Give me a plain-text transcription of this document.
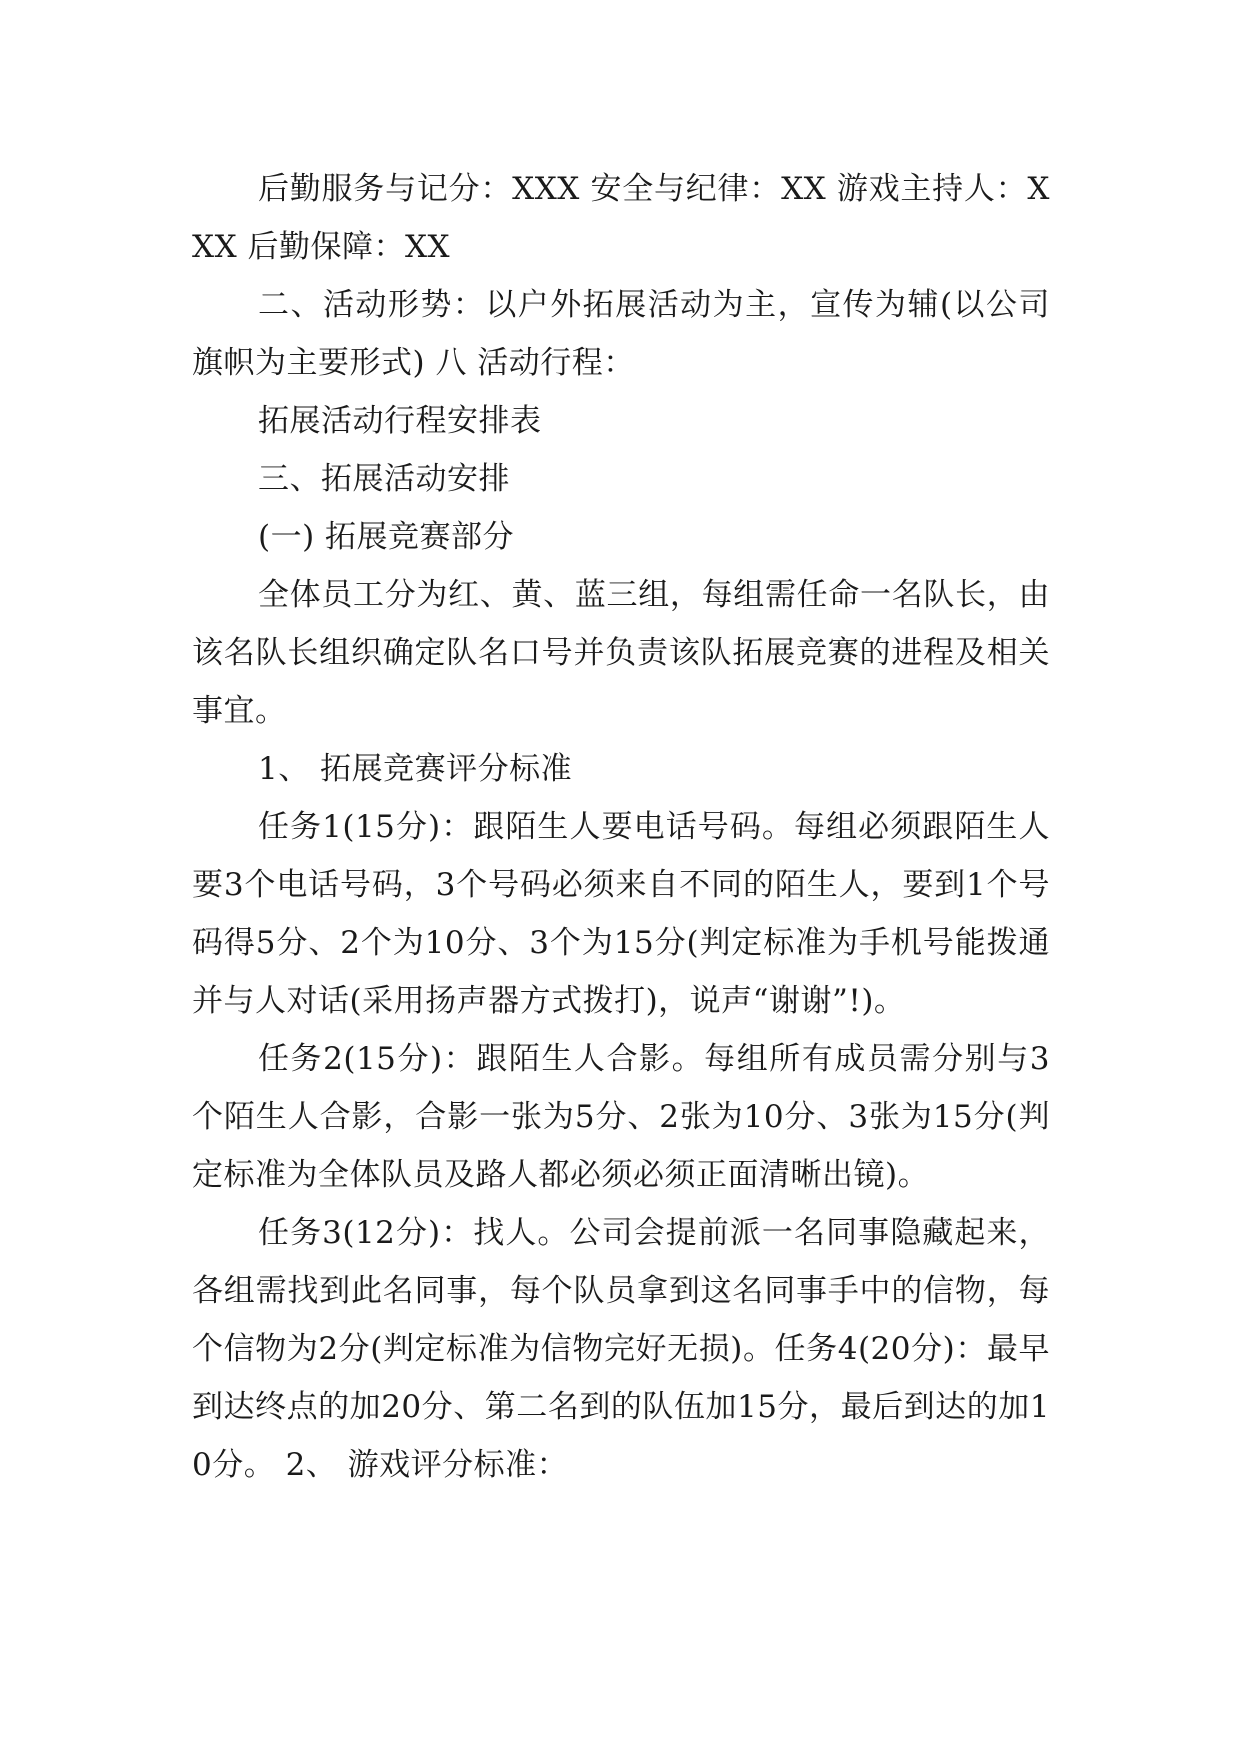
后勤服务与记分：XXX 安全与纪律：XX 游戏主持人：XXX 后勤保障：XX

二、活动形势：以户外拓展活动为主，宣传为辅(以公司旗帜为主要形式) 八 活动行程：

拓展活动行程安排表

三、拓展活动安排

(一) 拓展竞赛部分

全体员工分为红、黄、蓝三组，每组需任命一名队长，由该名队长组织确定队名口号并负责该队拓展竞赛的进程及相关事宜。

1、 拓展竞赛评分标准

任务1(15分)：跟陌生人要电话号码。每组必须跟陌生人要3个电话号码，3个号码必须来自不同的陌生人，要到1个号码得5分、2个为10分、3个为15分(判定标准为手机号能拨通并与人对话(采用扬声器方式拨打)，说声“谢谢”!)。

任务2(15分)：跟陌生人合影。每组所有成员需分别与3个陌生人合影，合影一张为5分、2张为10分、3张为15分(判定标准为全体队员及路人都必须必须正面清晰出镜)。

任务3(12分)：找人。公司会提前派一名同事隐藏起来，各组需找到此名同事，每个队员拿到这名同事手中的信物，每个信物为2分(判定标准为信物完好无损)。任务4(20分)：最早到达终点的加20分、第二名到的队伍加15分，最后到达的加10分。 2、 游戏评分标准：
